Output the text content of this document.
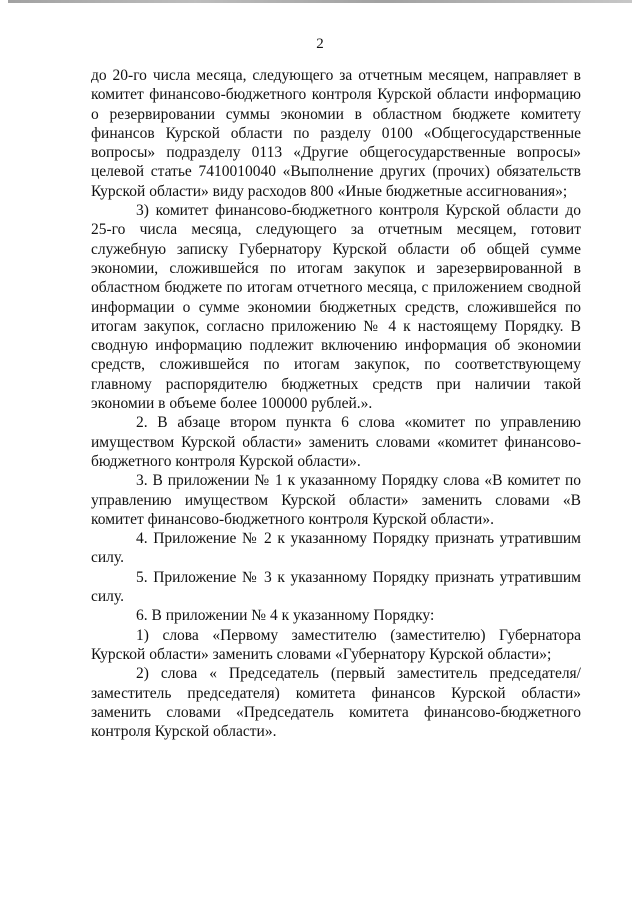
2

до 20-го числа месяца, следующего за отчетным месяцем, направляет в комитет финансово-бюджетного контроля Курской области информацию о резервировании суммы экономии в областном бюджете комитету финансов Курской области по разделу 0100 «Общегосударственные вопросы» подразделу 0113 «Другие общегосударственные вопросы» целевой статье 7410010040 «Выполнение других (прочих) обязательств Курской области» виду расходов 800 «Иные бюджетные ассигнования»;

3) комитет финансово-бюджетного контроля Курской области до 25-го числа месяца, следующего за отчетным месяцем, готовит служебную записку Губернатору Курской области об общей сумме экономии, сложившейся по итогам закупок и зарезервированной в областном бюджете по итогам отчетного месяца, с приложением сводной информации о сумме экономии бюджетных средств, сложившейся по итогам закупок, согласно приложению № 4 к настоящему Порядку. В сводную информацию подлежит включению информация об экономии средств, сложившейся по итогам закупок, по соответствующему главному распорядителю бюджетных средств при наличии такой экономии в объеме более 100000 рублей.».

2. В абзаце втором пункта 6 слова «комитет по управлению имуществом Курской области» заменить словами «комитет финансово-бюджетного контроля Курской области».

3. В приложении № 1 к указанному Порядку слова «В комитет по управлению имуществом Курской области» заменить словами «В комитет финансово-бюджетного контроля Курской области».

4. Приложение № 2 к указанному Порядку признать утратившим силу.

5. Приложение № 3 к указанному Порядку признать утратившим силу.

6. В приложении № 4 к указанному Порядку:

1) слова «Первому заместителю (заместителю) Губернатора Курской области» заменить словами «Губернатору Курской области»;

2) слова « Председатель (первый заместитель председателя/заместитель председателя) комитета финансов Курской области» заменить словами «Председатель комитета финансово-бюджетного контроля Курской области».
